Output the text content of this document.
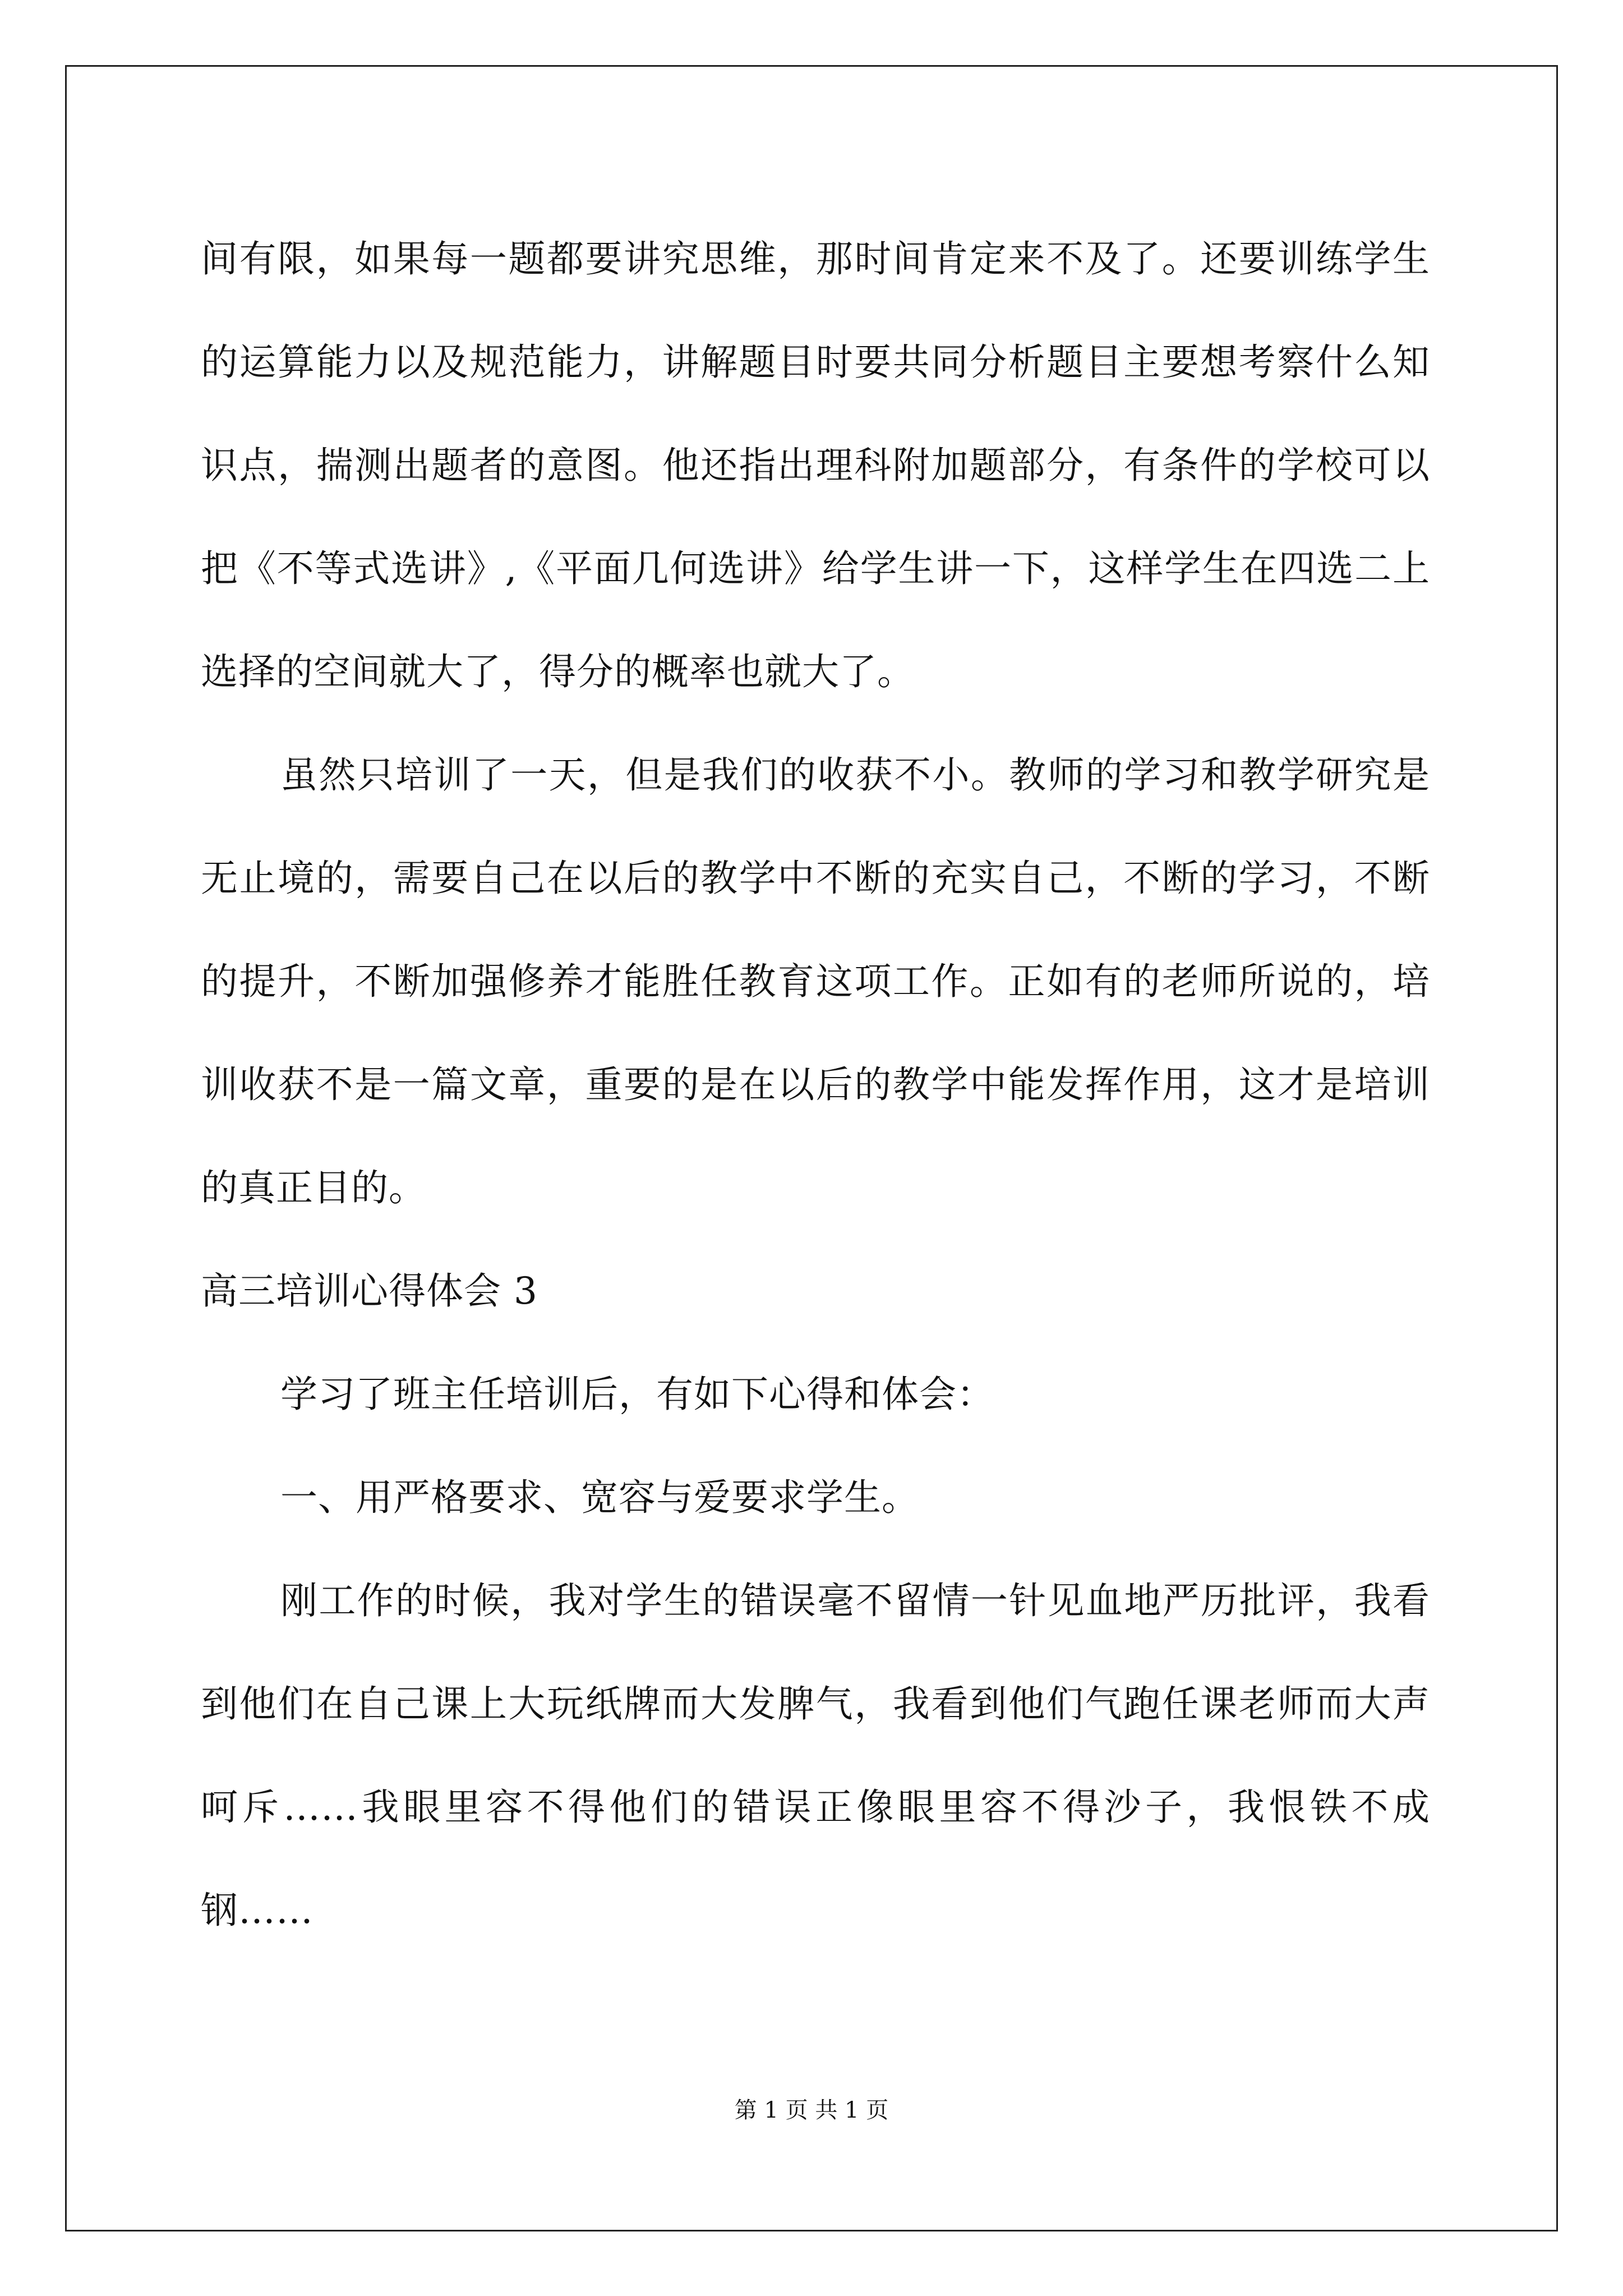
间有限，如果每一题都要讲究思维，那时间肯定来不及了。还要训练学生的运算能力以及规范能力，讲解题目时要共同分析题目主要想考察什么知识点，揣测出题者的意图。他还指出理科附加题部分，有条件的学校可以把《不等式选讲》,《平面几何选讲》给学生讲一下，这样学生在四选二上选择的空间就大了，得分的概率也就大了。

虽然只培训了一天，但是我们的收获不小。教师的学习和教学研究是无止境的，需要自己在以后的教学中不断的充实自己，不断的学习，不断的提升，不断加强修养才能胜任教育这项工作。正如有的老师所说的，培训收获不是一篇文章，重要的是在以后的教学中能发挥作用，这才是培训的真正目的。

高三培训心得体会 3

学习了班主任培训后，有如下心得和体会：

一、用严格要求、宽容与爱要求学生。

刚工作的时候，我对学生的错误毫不留情一针见血地严历批评，我看到他们在自己课上大玩纸牌而大发脾气，我看到他们气跑任课老师而大声呵斥……我眼里容不得他们的错误正像眼里容不得沙子，我恨铁不成钢……

第 1 页 共 1 页
